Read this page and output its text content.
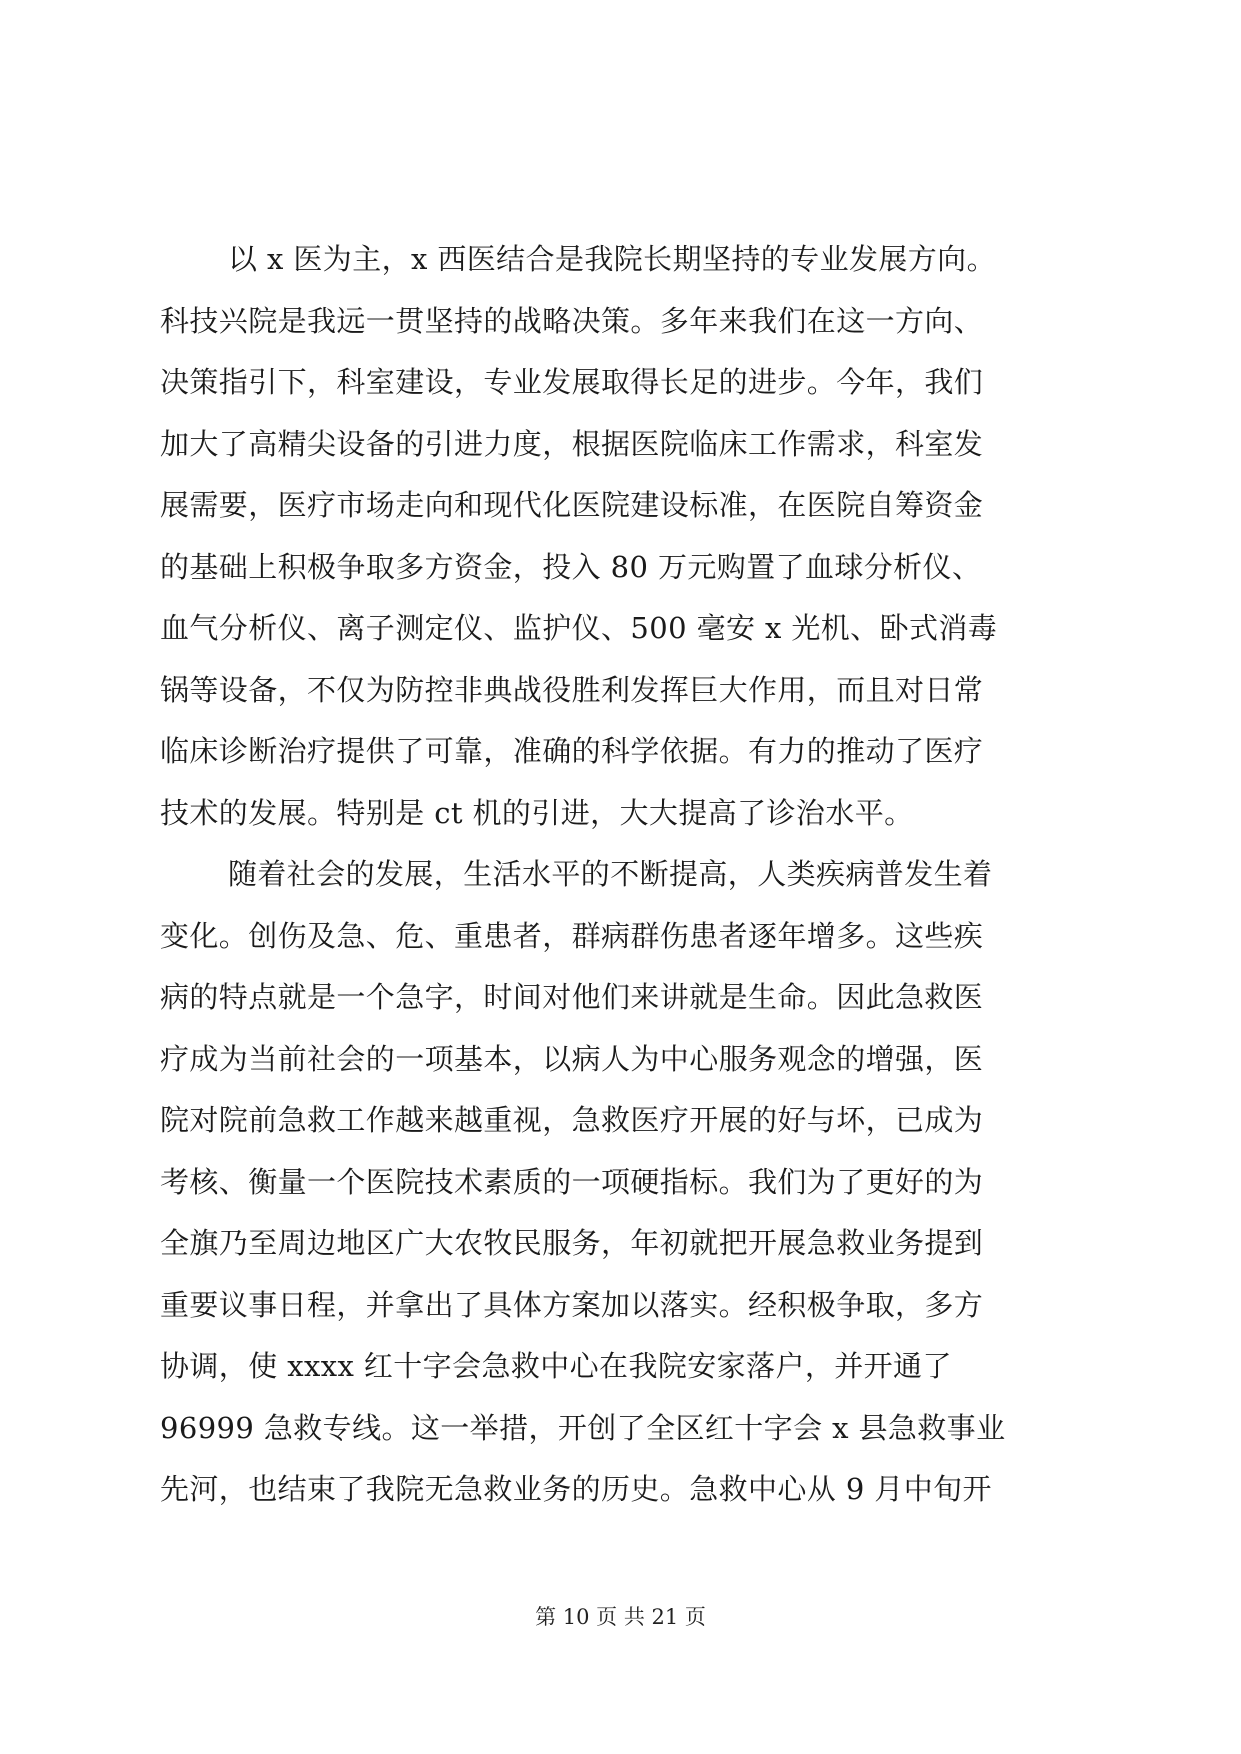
以 x 医为主，x 西医结合是我院长期坚持的专业发展方向。
科技兴院是我远一贯坚持的战略决策。多年来我们在这一方向、
决策指引下，科室建设，专业发展取得长足的进步。今年，我们
加大了高精尖设备的引进力度，根据医院临床工作需求，科室发
展需要，医疗市场走向和现代化医院建设标准，在医院自筹资金
的基础上积极争取多方资金，投入 80 万元购置了血球分析仪、
血气分析仪、离子测定仪、监护仪、500 毫安 x 光机、卧式消毒
锅等设备，不仅为防控非典战役胜利发挥巨大作用，而且对日常
临床诊断治疗提供了可靠，准确的科学依据。有力的推动了医疗
技术的发展。特别是 ct 机的引进，大大提高了诊治水平。
随着社会的发展，生活水平的不断提高，人类疾病普发生着
变化。创伤及急、危、重患者，群病群伤患者逐年增多。这些疾
病的特点就是一个急字，时间对他们来讲就是生命。因此急救医
疗成为当前社会的一项基本，以病人为中心服务观念的增强，医
院对院前急救工作越来越重视，急救医疗开展的好与坏，已成为
考核、衡量一个医院技术素质的一项硬指标。我们为了更好的为
全旗乃至周边地区广大农牧民服务，年初就把开展急救业务提到
重要议事日程，并拿出了具体方案加以落实。经积极争取，多方
协调，使 xxxx 红十字会急救中心在我院安家落户，并开通了
96999 急救专线。这一举措，开创了全区红十字会 x 县急救事业
先河，也结束了我院无急救业务的历史。急救中心从 9 月中旬开
第 10 页 共 21 页
